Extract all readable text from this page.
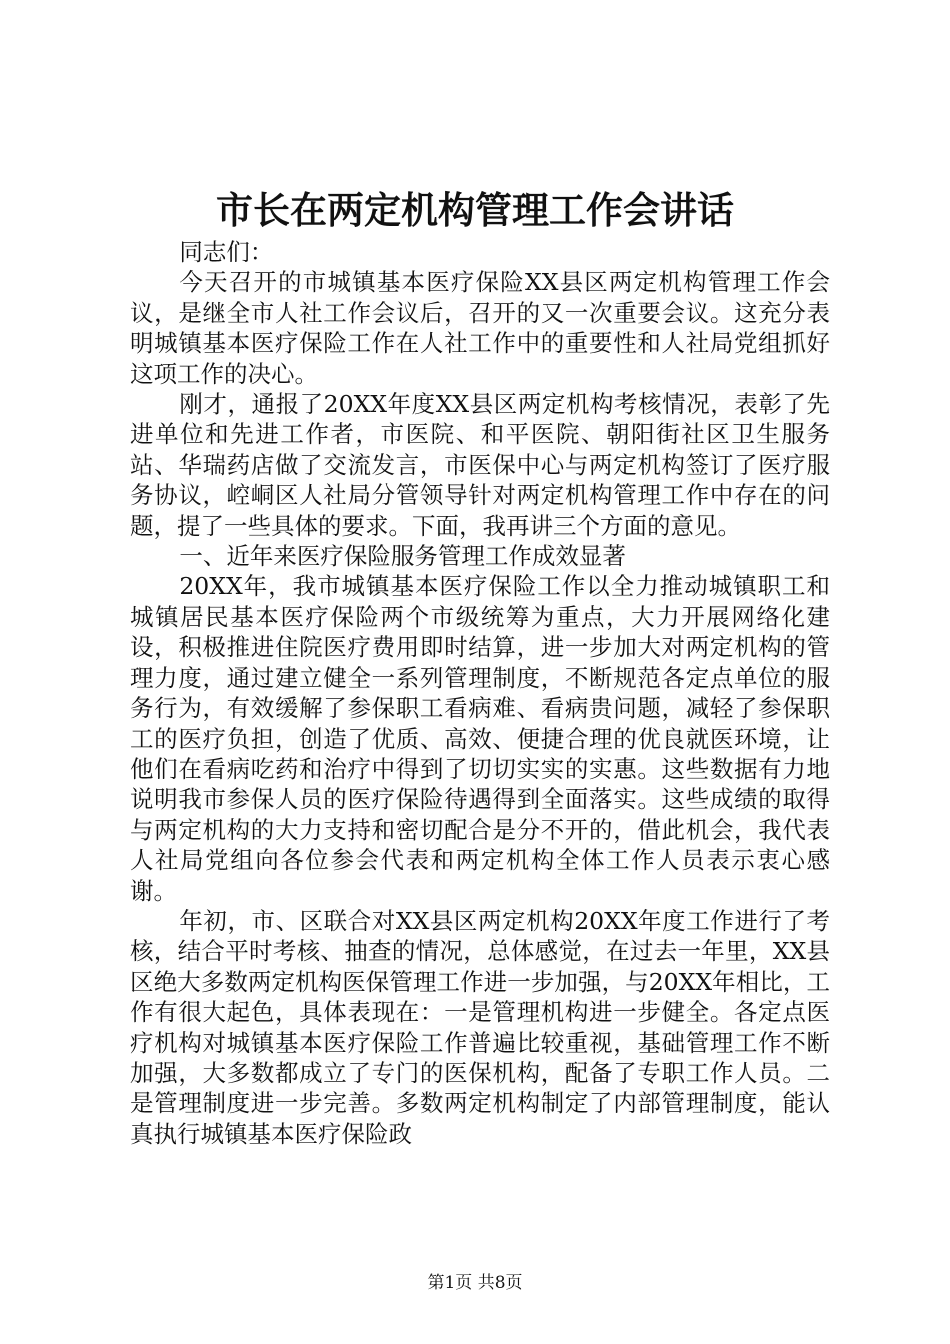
市长在两定机构管理工作会讲话

同志们：

今天召开的市城镇基本医疗保险XX县区两定机构管理工作会议，是继全市人社工作会议后，召开的又一次重要会议。这充分表明城镇基本医疗保险工作在人社工作中的重要性和人社局党组抓好这项工作的决心。

刚才，通报了20XX年度XX县区两定机构考核情况，表彰了先进单位和先进工作者，市医院、和平医院、朝阳街社区卫生服务站、华瑞药店做了交流发言，市医保中心与两定机构签订了医疗服务协议，崆峒区人社局分管领导针对两定机构管理工作中存在的问题，提了一些具体的要求。下面，我再讲三个方面的意见。

一、近年来医疗保险服务管理工作成效显著

20XX年，我市城镇基本医疗保险工作以全力推动城镇职工和城镇居民基本医疗保险两个市级统筹为重点，大力开展网络化建设，积极推进住院医疗费用即时结算，进一步加大对两定机构的管理力度，通过建立健全一系列管理制度，不断规范各定点单位的服务行为，有效缓解了参保职工看病难、看病贵问题，减轻了参保职工的医疗负担，创造了优质、高效、便捷合理的优良就医环境，让他们在看病吃药和治疗中得到了切切实实的实惠。这些数据有力地说明我市参保人员的医疗保险待遇得到全面落实。这些成绩的取得与两定机构的大力支持和密切配合是分不开的，借此机会，我代表人社局党组向各位参会代表和两定机构全体工作人员表示衷心感谢。

年初，市、区联合对XX县区两定机构20XX年度工作进行了考核，结合平时考核、抽查的情况，总体感觉，在过去一年里，XX县区绝大多数两定机构医保管理工作进一步加强，与20XX年相比，工作有很大起色，具体表现在：一是管理机构进一步健全。各定点医疗机构对城镇基本医疗保险工作普遍比较重视，基础管理工作不断加强，大多数都成立了专门的医保机构，配备了专职工作人员。二是管理制度进一步完善。多数两定机构制定了内部管理制度，能认真执行城镇基本医疗保险政

第1页 共8页
